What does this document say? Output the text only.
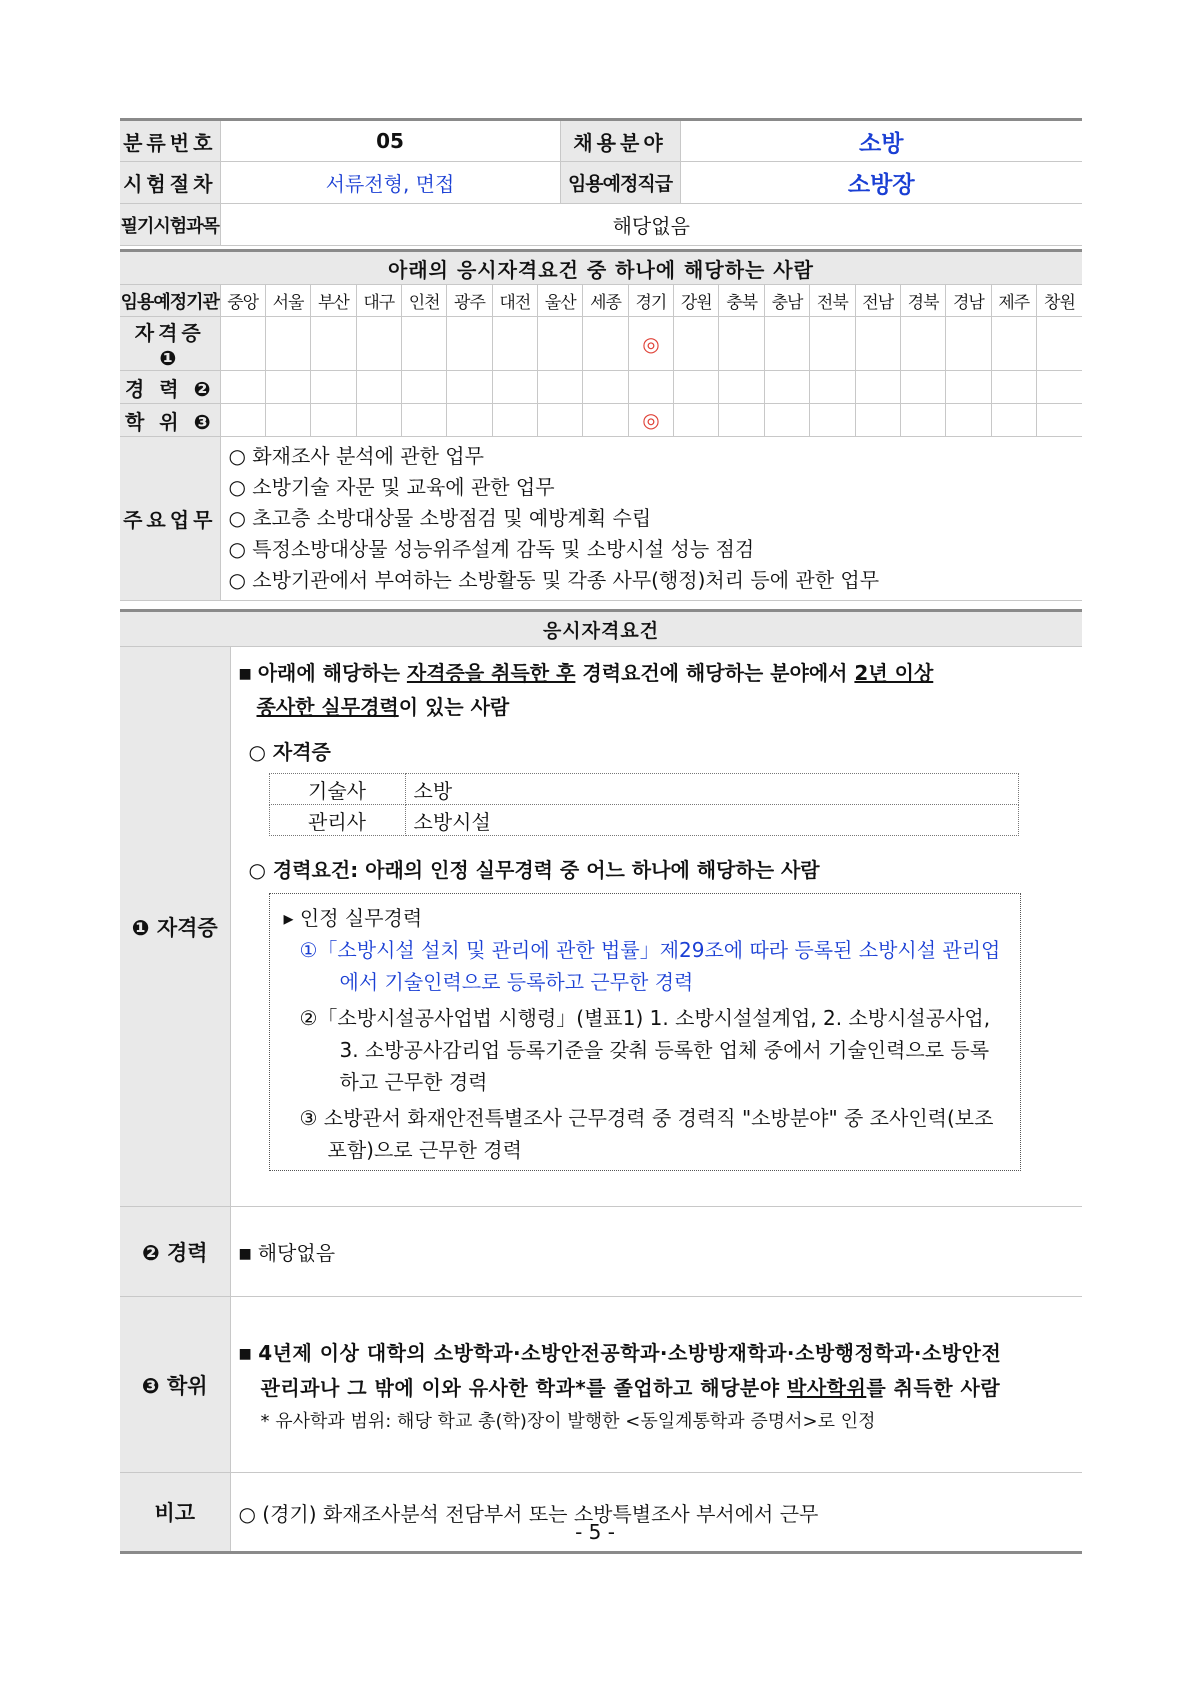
분류번호	05	채용분야	소방
시험절차	서류전형, 면접	임용예정직급	소방장
필기시험과목	해당없음		
아래의 응시자격요건 중 하나에 해당하는 사람																			
임용예정기관	중앙	서울	부산	대구	인천	광주	대전	울산	세종	경기	강원	충북	충남	전북	전남	경북	경남	제주	창원
자격증 ❶										◎									
경 력 ❷																			
학 위 ❸										◎									
주요업무	○ 화재조사 분석에 관한 업무
○ 소방기술 자문 및 교육에 관한 업무
○ 초고층 소방대상물 소방점검 및 예방계획 수립
○ 특정소방대상물 성능위주설계 감독 및 소방시설 성능 점검
○ 소방기관에서 부여하는 소방활동 및 각종 사무(행정)처리 등에 관한 업무																		
응시자격요건
❶ 자격증	
■ 아래에 해당하는 자격증을 취득한 후 경력요건에 해당하는 분야에서 2년 이상
종사한 실무경력이 있는 사람
○ 자격증
기술사	소방
관리사	소방시설
○ 경력요건: 아래의 인정 실무경력 중 어느 하나에 해당하는 사람
▸ 인정 실무경력
①「소방시설 설치 및 관리에 관한 법률」제29조에 따라 등록된 소방시설 관리업
에서 기술인력으로 등록하고 근무한 경력
②「소방시설공사업법 시행령」(별표1) 1. 소방시설설계업, 2. 소방시설공사업,
3. 소방공사감리업 등록기준을 갖춰 등록한 업체 중에서 기술인력으로 등록
하고 근무한 경력
③ 소방관서 화재안전특별조사 근무경력 중 경력직 "소방분야" 중 조사인력(보조
포함)으로 근무한 경력

❷ 경력	■ 해당없음
❸ 학위	
■ 4년제 이상 대학의 소방학과·소방안전공학과·소방방재학과·소방행정학과·소방안전
관리과나 그 밖에 이와 유사한 학과*를 졸업하고 해당분야 박사학위를 취득한 사람
* 유사학과 범위: 해당 학교 총(학)장이 발행한 <동일계통학과 증명서>로 인정

비고	○ (경기) 화재조사분석 전담부서 또는 소방특별조사 부서에서 근무
- 5 -
